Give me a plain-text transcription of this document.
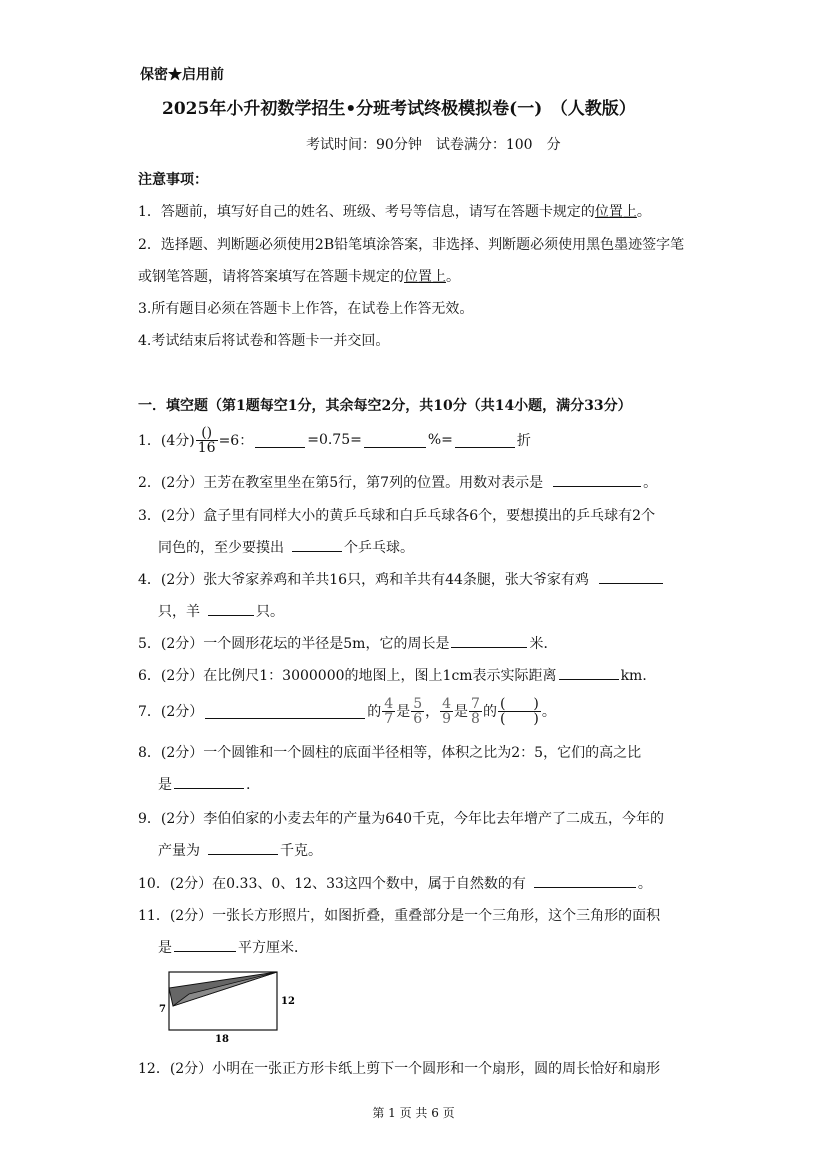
保密★启用前
2025年小升初数学招生•分班考试终极模拟卷(一)　 （人教版）
考试时间：90分钟　 试卷满分：100　 分
注意事项：
1．答题前，填写好自己的姓名、班级、考号等信息，请写在答题卡规定的位置上。
2．选择题、判断题必须使用2B铅笔填涂答案，非选择、判断题必须使用黑色墨迹签字笔
或钢笔答题，请将答案填写在答题卡规定的位置上。
3.所有题目必须在答题卡上作答，在试卷上作答无效。
4.考试结束后将试卷和答题卡一并交回。
一．填空题（第1题每空1分，其余每空2分，共10分（共14小题，满分33分）
1．(4分) $\frac{()}{16} =6$：	=0.75=	%=	折
2．(2分）王芳在教室里坐在第5行，第7列的位置。用数对表示是	。
3．(2分）盒子里有同样大小的黄乒乓球和白乒乓球各6个，要想摸出的乒乓球有2个
同色的，至少要摸出	个乒乓球。
4．(2分）张大爷家养鸡和羊共16只，鸡和羊共有44条腿，张大爷家有鸡
只，羊	只。
5．(2分）一个圆形花坛的半径是5m，它的周长是	米．
6．(2分）在比例尺1：3000000的地图上，图上1cm表示实际距离	km．
7．(2分）	的 $\frac{4}{7}$ 是 $\frac{5}{6}$ ， $\frac{4}{9}$ 是 $\frac{7}{8}$ 的 $\frac{( )}{( )}$ 。
8．(2分）一个圆锥和一个圆柱的底面半径相等，体积之比为2：5，它们的高之比
是	.
9．(2分）李伯伯家的小麦去年的产量为640千克，今年比去年增产了二成五，今年的
产量为	千克。
10．(2分）在0.33、0、12、33这四个数中，属于自然数的有	。
11．(2分）一张长方形照片，如图折叠，重叠部分是一个三角形，这个三角形的面积
是	平方厘米．
7
12
18
12．(2分）小明在一张正方形卡纸上剪下一个圆形和一个扇形，圆的周长恰好和扇形
第 1 页 共 6 页
